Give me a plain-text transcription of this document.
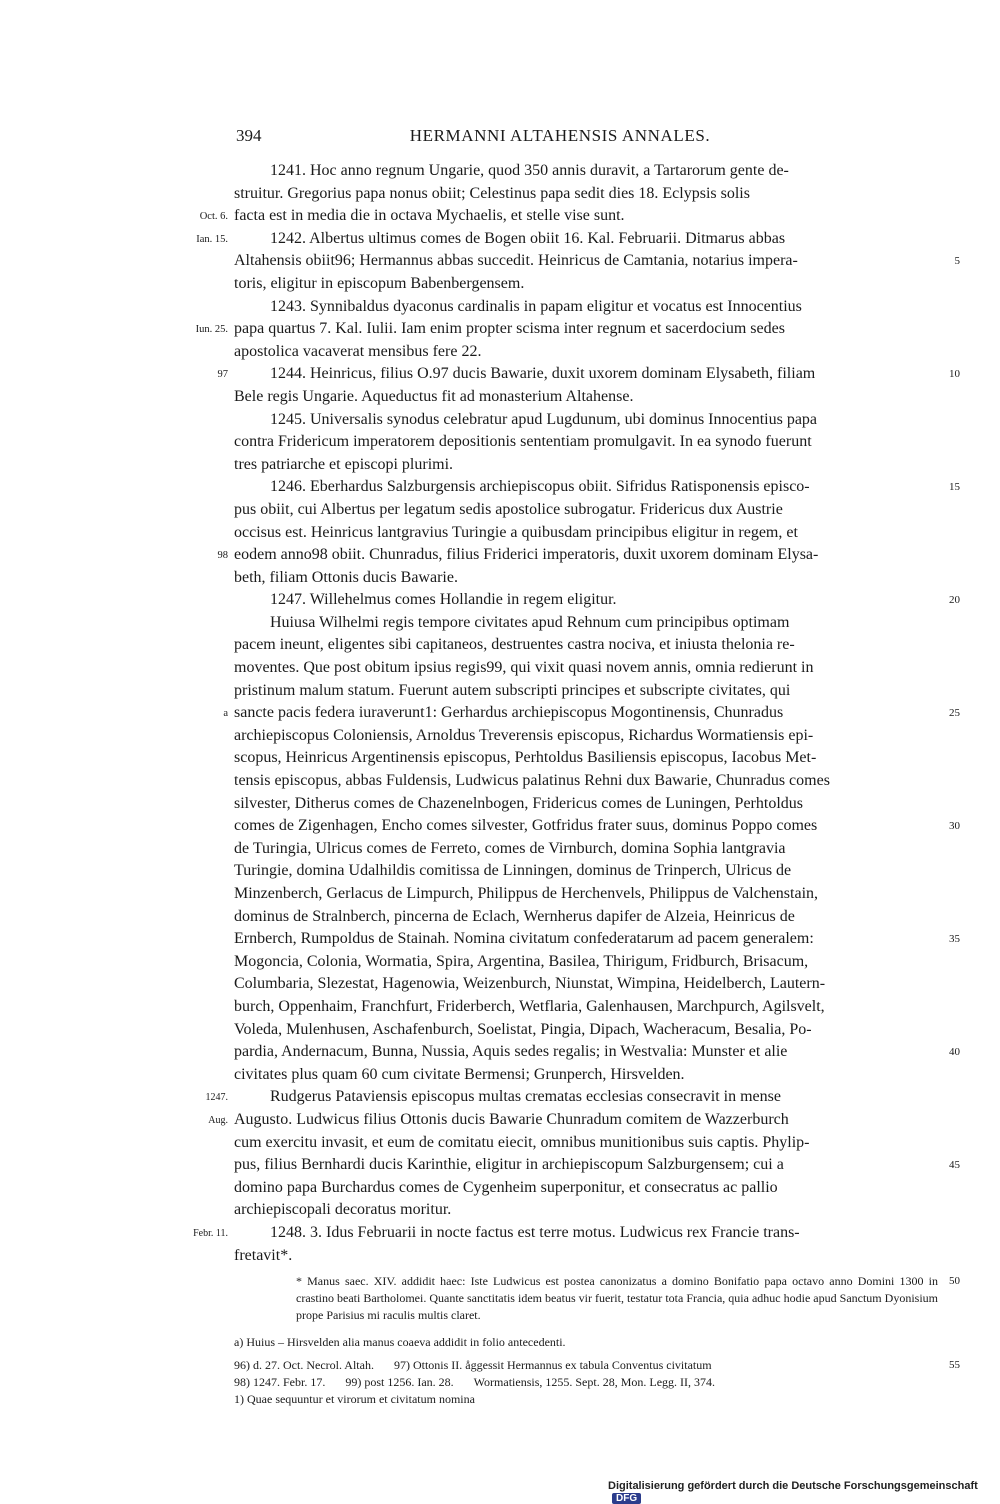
394	HERMANNI ALTAHENSIS ANNALES.
1241. Hoc anno regnum Ungarie, quod 350 annis duravit, a Tartarorum gente de-
struitur. Gregorius papa nonus obiit; Celestinus papa sedit dies 18. Eclypsis solis
Oct. 6. facta est in media die in octava Mychaelis, et stelle vise sunt.
Ian. 15.	1242. Albertus ultimus comes de Bogen obiit 16. Kal. Februarii. Ditmarus abbas
Altahensis obiit96; Hermannus abbas succedit. Heinricus de Camtania, notarius impera-	5
toris, eligitur in episcopum Babenbergensem.
1243. Synnibaldus dyaconus cardinalis in papam eligitur et vocatus est Innocentius
Iun. 25. papa quartus 7. Kal. Iulii. Iam enim propter scisma inter regnum et sacerdocium sedes
apostolica vacaverat mensibus fere 22.
97	1244. Heinricus, filius O.97 ducis Bawarie, duxit uxorem dominam Elysabeth, filiam	10
Bele regis Ungarie. Aqueductus fit ad monasterium Altahense.
1245. Universalis synodus celebratur apud Lugdunum, ubi dominus Innocentius papa
contra Fridericum imperatorem depositionis sententiam promulgavit. In ea synodo fuerunt
tres patriarche et episcopi plurimi.
1246. Eberhardus Salzburgensis archiepiscopus obiit. Sifridus Ratisponensis episco-	15
pus obiit, cui Albertus per legatum sedis apostolice subrogatur. Fridericus dux Austrie
occisus est. Heinricus lantgravius Turingie a quibusdam principibus eligitur in regem, et
98 eodem anno98 obiit. Chunradus, filius Friderici imperatoris, duxit uxorem dominam Elysa-
beth, filiam Ottonis ducis Bawarie.
1247. Willehelmus comes Hollandie in regem eligitur.	20
Huiusa Wilhelmi regis tempore civitates apud Rehnum cum principibus optimam
pacem ineunt, eligentes sibi capitaneos, destruentes castra nociva, et iniusta thelonia re-
moventes. Que post obitum ipsius regis99, qui vixit quasi novem annis, omnia redierunt in
pristinum malum statum. Fuerunt autem subscripti principes et subscripte civitates, qui
a sancte pacis federa iuraverunt1: Gerhardus archiepiscopus Mogontinensis, Chunradus	25
archiepiscopus Coloniensis, Arnoldus Treverensis episcopus, Richardus Wormatiensis epi-
scopus, Heinricus Argentinensis episcopus, Perhtoldus Basiliensis episcopus, Iacobus Met-
tensis episcopus, abbas Fuldensis, Ludwicus palatinus Rehni dux Bawarie, Chunradus comes
silvester, Ditherus comes de Chazenelnbogen, Fridericus comes de Luningen, Perhtoldus
comes de Zigenhagen, Encho comes silvester, Gotfridus frater suus, dominus Poppo comes	30
de Turingia, Ulricus comes de Ferreto, comes de Virnburch, domina Sophia lantgravia
Turingie, domina Udalhildis comitissa de Linningen, dominus de Trinperch, Ulricus de
Minzenberch, Gerlacus de Limpurch, Philippus de Herchenvels, Philippus de Valchenstain,
dominus de Stralnberch, pincerna de Eclach, Wernherus dapifer de Alzeia, Heinricus de
Ernberch, Rumpoldus de Stainah. Nomina civitatum confederatarum ad pacem generalem:	35
Mogoncia, Colonia, Wormatia, Spira, Argentina, Basilea, Thirigum, Fridburch, Brisacum,
Columbaria, Slezestat, Hagenowia, Weizenburch, Niunstat, Wimpina, Heidelberch, Lautern-
burch, Oppenhaim, Franchfurt, Friderberch, Wetflaria, Galenhausen, Marchpurch, Agilsvelt,
Voleda, Mulenhusen, Aschafenburch, Soelistat, Pingia, Dipach, Wacheracum, Besalia, Po-
pardia, Andernacum, Bunna, Nussia, Aquis sedes regalis; in Westvalia: Munster et alie	40
civitates plus quam 60 cum civitate Bermensi; Grunperch, Hirsvelden.
1247.	Rudgerus Pataviensis episcopus multas crematas ecclesias consecravit in mense
Aug. Augusto. Ludwicus filius Ottonis ducis Bawarie Chunradum comitem de Wazzerburch
cum exercitu invasit, et eum de comitatu eiecit, omnibus munitionibus suis captis. Phylip-
pus, filius Bernhardi ducis Karinthie, eligitur in archiepiscopum Salzburgensem; cui a	45
domino papa Burchardus comes de Cygenheim superponitur, et consecratus ac pallio
archiepiscopali decoratus moritur.
Febr. 11.	1248. 3. Idus Februarii in nocte factus est terre motus. Ludwicus rex Francie trans-
fretavit*.
* Manus saec. XIV. addidit haec: Iste Ludwicus est postea canonizatus a domino Bonifatio papa octavo anno Domini 1300 in crastino beati Bartholomei. Quante sanctitatis idem beatus vir fuerit, testatur tota Francia, quia adhuc hodie apud Sanctum Dyonisium prope Parisius mi raculis multis claret.
50
a) Huius – Hirsvelden alia manus coaeva addidit in folio antecedenti.
96) d. 27. Oct. Necrol. Altah. 97) Ottonis II. åggessit Hermannus ex tabula Conventus civitatum
98) 1247. Febr. 17. 99) post 1256. Ian. 28. Wormatiensis, 1255. Sept. 28, Mon. Legg. II, 374.
1) Quae sequuntur et virorum et civitatum nomina
55
Digitalisierung gefördert durch die Deutsche Forschungsgemeinschaft DFG
